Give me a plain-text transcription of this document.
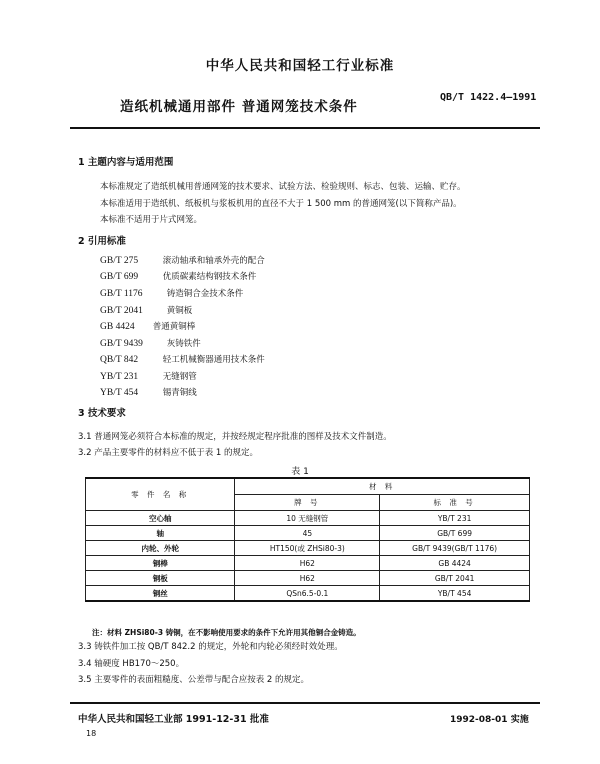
中华人民共和国轻工行业标准
造纸机械通用部件 普通网笼技术条件
QB/T 1422.4—1991
1 主题内容与适用范围
本标准规定了造纸机械用普通网笼的技术要求、试验方法、检验规则、标志、包装、运输、贮存。
本标准适用于造纸机、纸板机与浆板机用的直径不大于 1 500 mm 的普通网笼(以下简称产品)。
本标准不适用于片式网笼。
2 引用标准
GB/T 275	滚动轴承和轴承外壳的配合
GB/T 699	优质碳素结构钢技术条件
GB/T 1176	铸造铜合金技术条件
GB/T 2041	黄铜板
GB 4424 普通黄铜棒
GB/T 9439	灰铸铁件
QB/T 842	轻工机械衡器通用技术条件
YB/T 231	无缝钢管
YB/T 454	锡青铜线
3 技术要求
3.1 普通网笼必须符合本标准的规定，并按经规定程序批准的图样及技术文件制造。
3.2 产品主要零件的材料应不低于表 1 的规定。
表 1
零 件 名 称	材 料	
	牌 号	标 准 号
空心轴	10 无缝钢管	YB/T 231
轴	45	GB/T 699
内轮、外轮	HT150(或 ZHSi80-3)	GB/T 9439(GB/T 1176)
铜棒	H62	GB 4424
铜板	H62	GB/T 2041
铜丝	QSn6.5-0.1	YB/T 454
注：材料 ZHSi80-3 铸铜，在不影响使用要求的条件下允许用其他铜合金铸造。
3.3 铸铁件加工按 QB/T 842.2 的规定，外轮和内轮必须经时效处理。
3.4 轴硬度 HB170～250。
3.5 主要零件的表面粗糙度、公差带与配合应按表 2 的规定。
中华人民共和国轻工业部 1991-12-31 批准	1992-08-01 实施
18
